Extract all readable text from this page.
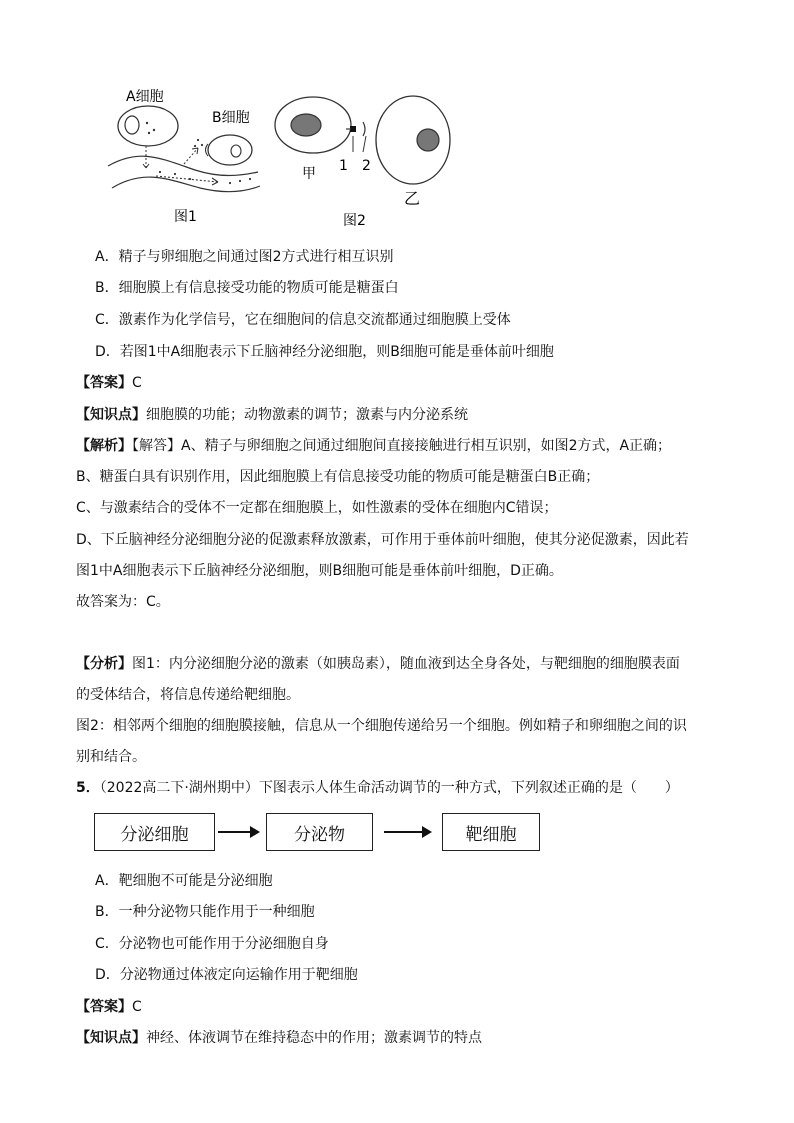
A细胞
B细胞
图1
1 2
甲
乙
图2
A．精子与卵细胞之间通过图2方式进行相互识别
B．细胞膜上有信息接受功能的物质可能是糖蛋白
C．激素作为化学信号，它在细胞间的信息交流都通过细胞膜上受体
D．若图1中A细胞表示下丘脑神经分泌细胞，则B细胞可能是垂体前叶细胞
【答案】C
【知识点】细胞膜的功能；动物激素的调节；激素与内分泌系统
【解析】【解答】A、精子与卵细胞之间通过细胞间直接接触进行相互识别，如图2方式，A正确；
B、糖蛋白具有识别作用，因此细胞膜上有信息接受功能的物质可能是糖蛋白B正确；
C、与激素结合的受体不一定都在细胞膜上，如性激素的受体在细胞内C错误；
D、下丘脑神经分泌细胞分泌的促激素释放激素，可作用于垂体前叶细胞，使其分泌促激素，因此若
图1中A细胞表示下丘脑神经分泌细胞，则B细胞可能是垂体前叶细胞，D正确。
故答案为：C。
【分析】图1：内分泌细胞分泌的激素（如胰岛素），随血液到达全身各处，与靶细胞的细胞膜表面
的受体结合，将信息传递给靶细胞。
图2：相邻两个细胞的细胞膜接触，信息从一个细胞传递给另一个细胞。例如精子和卵细胞之间的识
别和结合。
5．（2022高二下·湖州期中）下图表示人体生命活动调节的一种方式，下列叙述正确的是（　　）
分泌细胞	分泌物	靶细胞
A．靶细胞不可能是分泌细胞
B．一种分泌物只能作用于一种细胞
C．分泌物也可能作用于分泌细胞自身
D．分泌物通过体液定向运输作用于靶细胞
【答案】C
【知识点】神经、体液调节在维持稳态中的作用；激素调节的特点
